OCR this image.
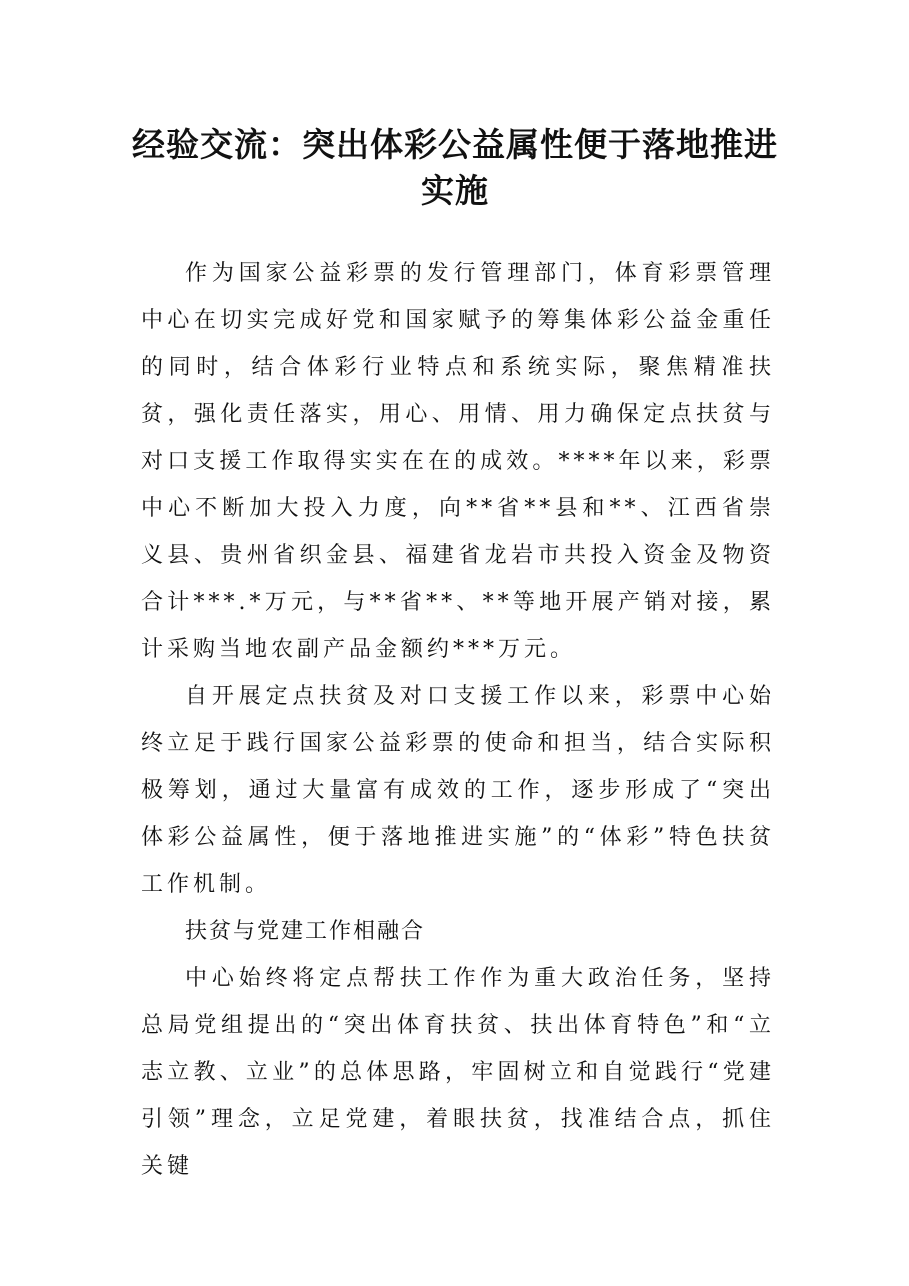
经验交流：突出体彩公益属性便于落地推进实施

作为国家公益彩票的发行管理部门，体育彩票管理中心在切实完成好党和国家赋予的筹集体彩公益金重任的同时，结合体彩行业特点和系统实际，聚焦精准扶贫，强化责任落实，用心、用情、用力确保定点扶贫与对口支援工作取得实实在在的成效。****年以来，彩票中心不断加大投入力度，向**省**县和**、江西省崇义县、贵州省织金县、福建省龙岩市共投入资金及物资合计***.*万元，与**省**、**等地开展产销对接，累计采购当地农副产品金额约***万元。

自开展定点扶贫及对口支援工作以来，彩票中心始终立足于践行国家公益彩票的使命和担当，结合实际积极筹划，通过大量富有成效的工作，逐步形成了“突出体彩公益属性，便于落地推进实施”的“体彩”特色扶贫工作机制。

扶贫与党建工作相融合

中心始终将定点帮扶工作作为重大政治任务，坚持总局党组提出的“突出体育扶贫、扶出体育特色”和“立志立教、立业”的总体思路，牢固树立和自觉践行“党建引领”理念，立足党建，着眼扶贫，找准结合点，抓住关键
